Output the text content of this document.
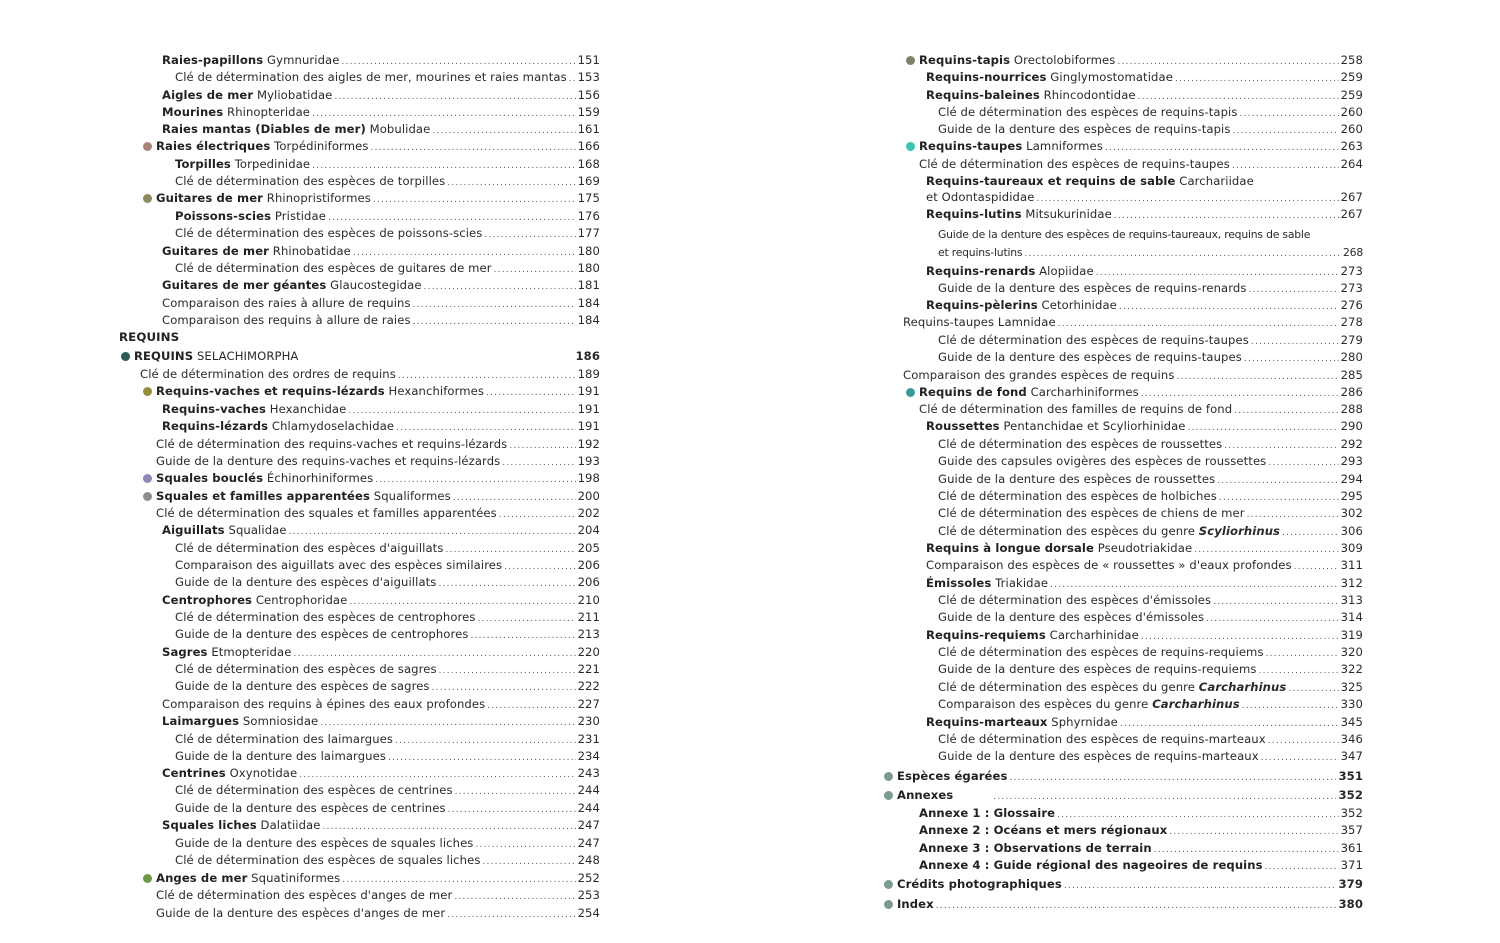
Raies-papillons Gymnuridae .....	151
Clé de détermination des aigles de mer, mourines et raies mantas ..... 153
Aigles de mer Myliobatidae .....	156
Mourines Rhinopteridae .....	159
Raies mantas (Diables de mer) Mobulidae .....	161
Raies électriques Torpédiniformes .....	166
Torpilles Torpedinidae .....	168
Clé de détermination des espèces de torpilles .....	169
Guitares de mer Rhinopristiformes .....	175
Poissons-scies Pristidae .....	176
Clé de détermination des espèces de poissons-scies .....	177
Guitares de mer Rhinobatidae .....	180
Clé de détermination des espèces de guitares de mer .....	180
Guitares de mer géantes Glaucostegidae .....	181
Comparaison des raies à allure de requins .....	184
Comparaison des requins à allure de raies .....	184
REQUINS
REQUINS SELACHIMORPHA	186
Clé de détermination des ordres de requins .....	189
Requins-vaches et requins-lézards Hexanchiformes .....	191
Requins-vaches Hexanchidae .....	191
Requins-lézards Chlamydoselachidae .....	191
Clé de détermination des requins-vaches et requins-lézards .....	192
Guide de la denture des requins-vaches et requins-lézards .....	193
Squales bouclés Échinorhiniformes .....	198
Squales et familles apparentées Squaliformes .....	200
Clé de détermination des squales et familles apparentées .....	202
Aiguillats Squalidae .....	204
Clé de détermination des espèces d'aiguillats .....	205
Comparaison des aiguillats avec des espèces similaires .....	206
Guide de la denture des espèces d'aiguillats .....	206
Centrophores Centrophoridae .....	210
Clé de détermination des espèces de centrophores .....	211
Guide de la denture des espèces de centrophores .....	213
Sagres Etmopteridae .....	220
Clé de détermination des espèces de sagres .....	221
Guide de la denture des espèces de sagres .....	222
Comparaison des requins à épines des eaux profondes .....	227
Laimargues Somniosidae .....	230
Clé de détermination des laimargues .....	231
Guide de la denture des laimargues .....	234
Centrines Oxynotidae .....	243
Clé de détermination des espèces de centrines .....	244
Guide de la denture des espèces de centrines .....	244
Squales liches Dalatiidae .....	247
Guide de la denture des espèces de squales liches .....	247
Clé de détermination des espèces de squales liches .....	248
Anges de mer Squatiniformes .....	252
Clé de détermination des espèces d'anges de mer .....	253
Guide de la denture des espèces d'anges de mer .....	254
Requins-tapis Orectolobiformes .....	258
Requins-nourrices Ginglymostomatidae .....	259
Requins-baleines Rhincodontidae .....	259
Clé de détermination des espèces de requins-tapis .....	260
Guide de la denture des espèces de requins-tapis .....	260
Requins-taupes Lamniformes .....	263
Clé de détermination des espèces de requins-taupes .....	264
Requins-taureaux et requins de sable Carchariidae
et Odontaspididae .....	267
Requins-lutins Mitsukurinidae .....	267
Guide de la denture des espèces de requins-taureaux, requins de sable
et requins-lutins .....	268
Requins-renards Alopiidae .....	273
Guide de la denture des espèces de requins-renards .....	273
Requins-pèlerins Cetorhinidae .....	276
Requins-taupes Lamnidae .....	278
Clé de détermination des espèces de requins-taupes .....	279
Guide de la denture des espèces de requins-taupes .....	280
Comparaison des grandes espèces de requins .....	285
Requins de fond Carcharhiniformes .....	286
Clé de détermination des familles de requins de fond .....	288
Roussettes Pentanchidae et Scyliorhinidae .....	290
Clé de détermination des espèces de roussettes .....	292
Guide des capsules ovigères des espèces de roussettes .....	293
Guide de la denture des espèces de roussettes .....	294
Clé de détermination des espèces de holbiches .....	295
Clé de détermination des espèces de chiens de mer .....	302
Clé de détermination des espèces du genre Scyliorhinus .....	306
Requins à longue dorsale Pseudotriakidae .....	309
Comparaison des espèces de « roussettes » d'eaux profondes .....	311
Émissoles Triakidae .....	312
Clé de détermination des espèces d'émissoles .....	313
Guide de la denture des espèces d'émissoles .....	314
Requins-requiems Carcharhinidae .....	319
Clé de détermination des espèces de requins-requiems .....	320
Guide de la denture des espèces de requins-requiems .....	322
Clé de détermination des espèces du genre Carcharhinus .....	325
Comparaison des espèces du genre Carcharhinus .....	330
Requins-marteaux Sphyrnidae .....	345
Clé de détermination des espèces de requins-marteaux .....	346
Guide de la denture des espèces de requins-marteaux .....	347
Espèces égarées .....	351
Annexes .....	352
Annexe 1 : Glossaire .....	352
Annexe 2 : Océans et mers régionaux .....	357
Annexe 3 : Observations de terrain .....	361
Annexe 4 : Guide régional des nageoires de requins .....	371
Crédits photographiques .....	379
Index .....	380
